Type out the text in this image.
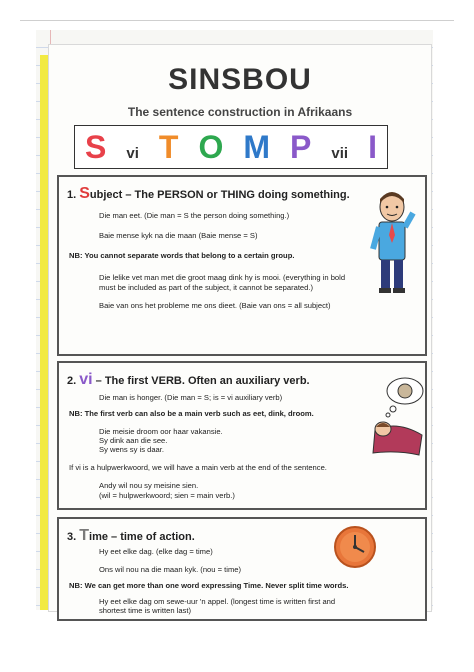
SINSBOU
The sentence construction in Afrikaans
S vi T O M P vii I
1. Subject – The PERSON or THING doing something.
Die man eet. (Die man = S the person doing something.)
Baie mense kyk na die maan (Baie mense = S)
NB: You cannot separate words that belong to a certain group.
Die lelike vet man met die groot maag dink hy is mooi. (everything in bold
must be included as part of the subject, it cannot be separated.)
Baie van ons het probleme me ons dieet. (Baie van ons = all subject)
2. vi – The first VERB. Often an auxiliary verb.
Die man is honger. (Die man = S; is = vi auxiliary verb)
NB: The first verb can also be a main verb such as eet, dink, droom.
Die meisie droom oor haar vakansie.
Sy dink aan die see.
Sy wens sy is daar.
If vi is a hulpwerkwoord, we will have a main verb at the end of the sentence.
Andy wil nou sy meisine sien.
(wil = hulpwerkwoord; sien = main verb.)
3. Time – time of action.
Hy eet elke dag. (elke dag = time)
Ons wil nou na die maan kyk. (nou = time)
NB: We can get more than one word expressing Time. Never split time words.
Hy eet elke dag om sewe-uur 'n appel. (longest time is written first and
shortest time is written last)
